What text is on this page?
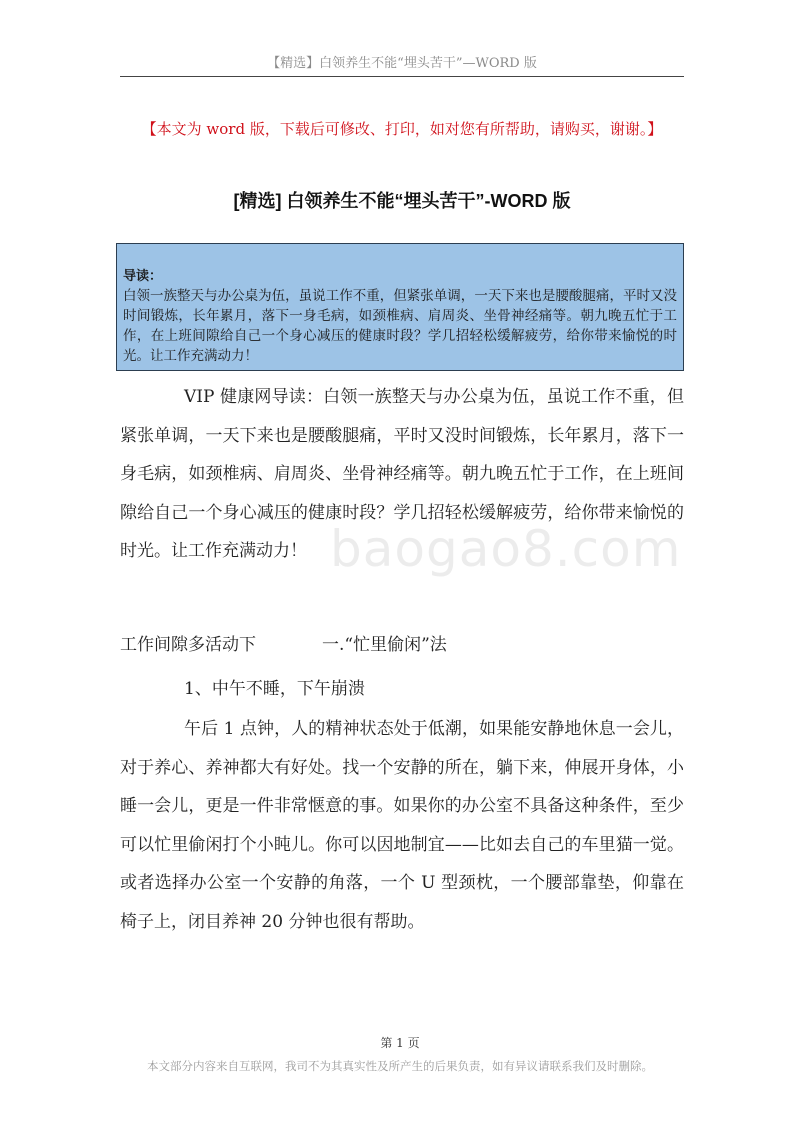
【精选】白领养生不能“埋头苦干”—WORD 版
【本文为 word 版，下载后可修改、打印，如对您有所帮助，请购买，谢谢。】
[精选] 白领养生不能“埋头苦干”-WORD 版
导读：
白领一族整天与办公桌为伍，虽说工作不重，但紧张单调，一天下来也是腰酸腿痛，平时又没时间锻炼，长年累月，落下一身毛病，如颈椎病、肩周炎、坐骨神经痛等。朝九晚五忙于工作，在上班间隙给自己一个身心减压的健康时段？学几招轻松缓解疲劳，给你带来愉悦的时光。让工作充满动力！
VIP 健康网导读：白领一族整天与办公桌为伍，虽说工作不重，但紧张单调，一天下来也是腰酸腿痛，平时又没时间锻炼，长年累月，落下一身毛病，如颈椎病、肩周炎、坐骨神经痛等。朝九晚五忙于工作，在上班间隙给自己一个身心减压的健康时段？学几招轻松缓解疲劳，给你带来愉悦的时光。让工作充满动力！ baogao8.com
工作间隙多活动下	一.“忙里偷闲”法
1、中午不睡，下午崩溃
午后 1 点钟，人的精神状态处于低潮，如果能安静地休息一会儿，对于养心、养神都大有好处。找一个安静的所在，躺下来，伸展开身体，小睡一会儿，更是一件非常惬意的事。如果你的办公室不具备这种条件，至少可以忙里偷闲打个小盹儿。你可以因地制宜——比如去自己的车里猫一觉。或者选择办公室一个安静的角落，一个 U 型颈枕，一个腰部靠垫，仰靠在椅子上，闭目养神 20 分钟也很有帮助。
第 1 页
本文部分内容来自互联网，我司不为其真实性及所产生的后果负责，如有异议请联系我们及时删除。
